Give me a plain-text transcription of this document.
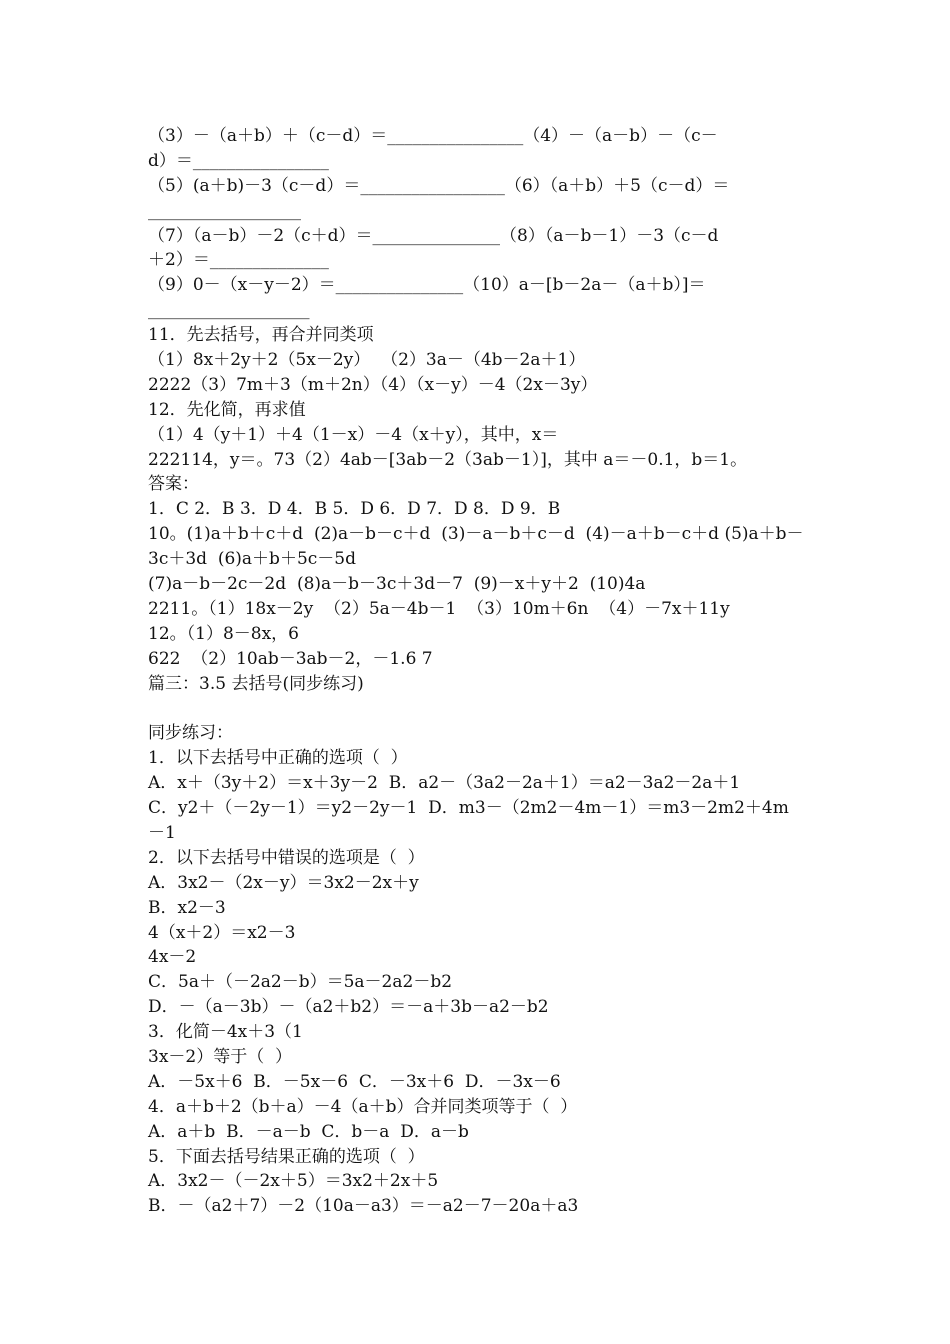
（3）－（a＋b）＋（c－d）＝________________（4）－（a－b）－（c－
d）＝________________
（5）(a＋b)－3（c－d）＝_________________（6）（a＋b）＋5（c－d）＝
__________________
（7）（a－b）－2（c＋d）＝_______________（8）（a－b－1）－3（c－d
＋2）＝______________
（9）0－（x－y－2）＝_______________（10）a－[b－2a－（a＋b）]＝
___________________
11．先去括号，再合并同类项
（1）8x＋2y＋2（5x－2y）  （2）3a－（4b－2a＋1）
2222（3）7m＋3（m＋2n）（4）（x－y）－4（2x－3y）
12．先化简，再求值
（1）4（y＋1）＋4（1－x）－4（x＋y），其中，x＝
222114，y＝。73（2）4ab－[3ab－2（3ab－1）]，其中 a＝－0.1，b＝1。
答案：
1．C 2．B 3．D 4．B 5．D 6．D 7．D 8．D 9．B
10。(1)a＋b＋c＋d  (2)a－b－c＋d  (3)－a－b＋c－d  (4)－a＋b－c＋d (5)a＋b－
3c＋3d  (6)a＋b＋5c－5d
(7)a－b－2c－2d  (8)a－b－3c＋3d－7  (9)－x＋y＋2  (10)4a
2211。（1）18x－2y  （2）5a－4b－1  （3）10m＋6n  （4）－7x＋11y
12。（1）8－8x，6
622  （2）10ab－3ab－2，－1.6 7
篇三：3.5 去括号(同步练习)
同步练习：
1．以下去括号中正确的选项（  ）
A．x＋（3y＋2）＝x＋3y－2  B．a2－（3a2－2a＋1）＝a2－3a2－2a＋1
C．y2＋（－2y－1）＝y2－2y－1  D．m3－（2m2－4m－1）＝m3－2m2＋4m
－1
2．以下去括号中错误的选项是（  ）
A．3x2－（2x－y）＝3x2－2x＋y
B．x2－3
4（x＋2）＝x2－3
4x－2
C．5a＋（－2a2－b）＝5a－2a2－b2
D．－（a－3b）－（a2＋b2）＝－a＋3b－a2－b2
3．化简－4x＋3（1
3x－2）等于（  ）
A．－5x＋6  B．－5x－6  C．－3x＋6  D．－3x－6
4．a＋b＋2（b＋a）－4（a＋b）合并同类项等于（  ）
A．a＋b  B．－a－b  C．b－a  D．a－b
5．下面去括号结果正确的选项（  ）
A．3x2－（－2x＋5）＝3x2＋2x＋5
B．－（a2＋7）－2（10a－a3）＝－a2－7－20a＋a3
